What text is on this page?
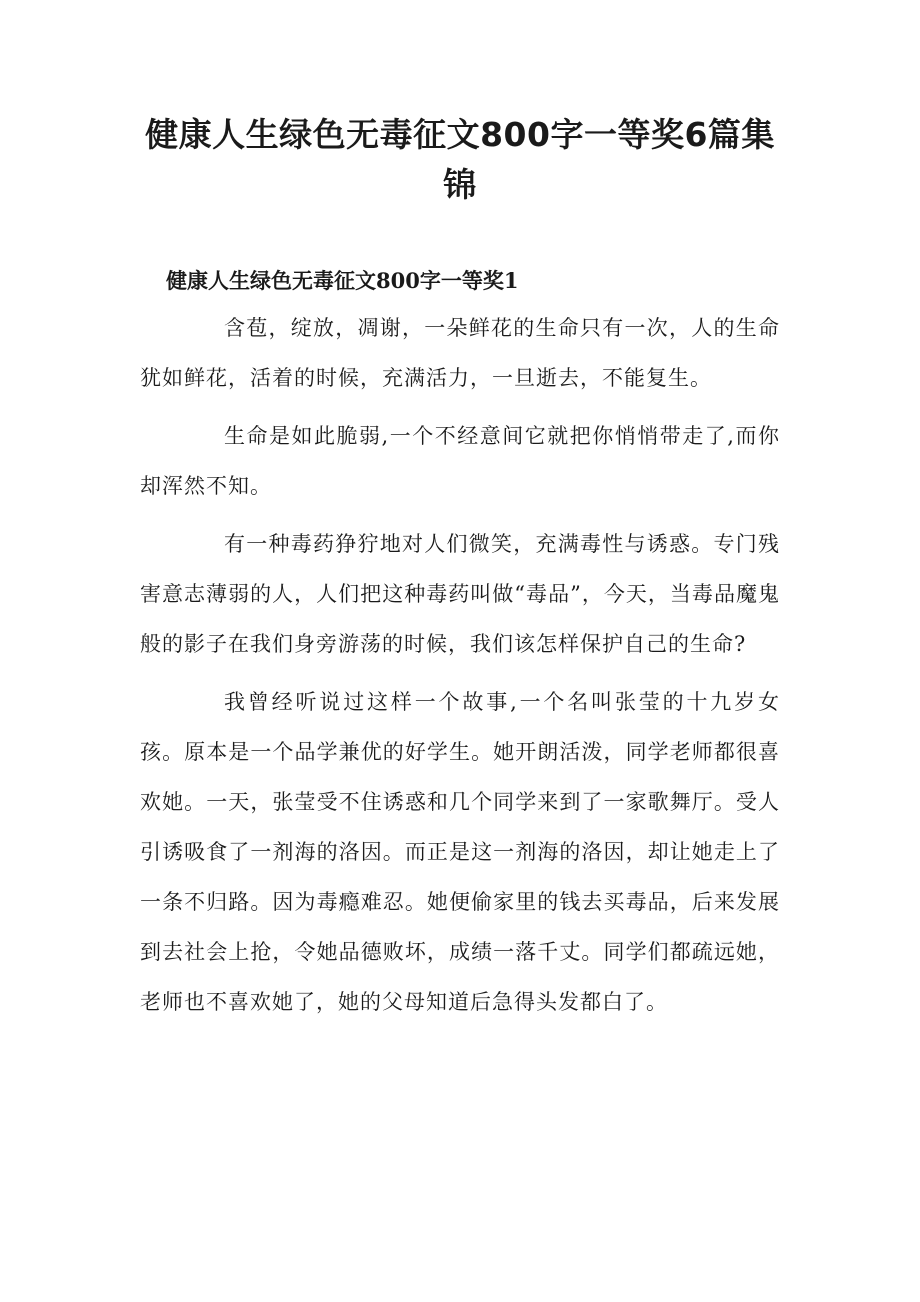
健康人生绿色无毒征文800字一等奖6篇集锦
健康人生绿色无毒征文800字一等奖1

含苞，绽放，凋谢，一朵鲜花的生命只有一次，人的生命犹如鲜花，活着的时候，充满活力，一旦逝去，不能复生。

生命是如此脆弱,一个不经意间它就把你悄悄带走了,而你却浑然不知。

有一种毒药狰狞地对人们微笑，充满毒性与诱惑。专门残害意志薄弱的人，人们把这种毒药叫做“毒品”，今天，当毒品魔鬼般的影子在我们身旁游荡的时候，我们该怎样保护自己的生命?

我曾经听说过这样一个故事,一个名叫张莹的十九岁女孩。原本是一个品学兼优的好学生。她开朗活泼，同学老师都很喜欢她。一天，张莹受不住诱惑和几个同学来到了一家歌舞厅。受人引诱吸食了一剂海的洛因。而正是这一剂海的洛因，却让她走上了一条不归路。因为毒瘾难忍。她便偷家里的钱去买毒品，后来发展到去社会上抢，令她品德败坏，成绩一落千丈。同学们都疏远她，老师也不喜欢她了，她的父母知道后急得头发都白了。
